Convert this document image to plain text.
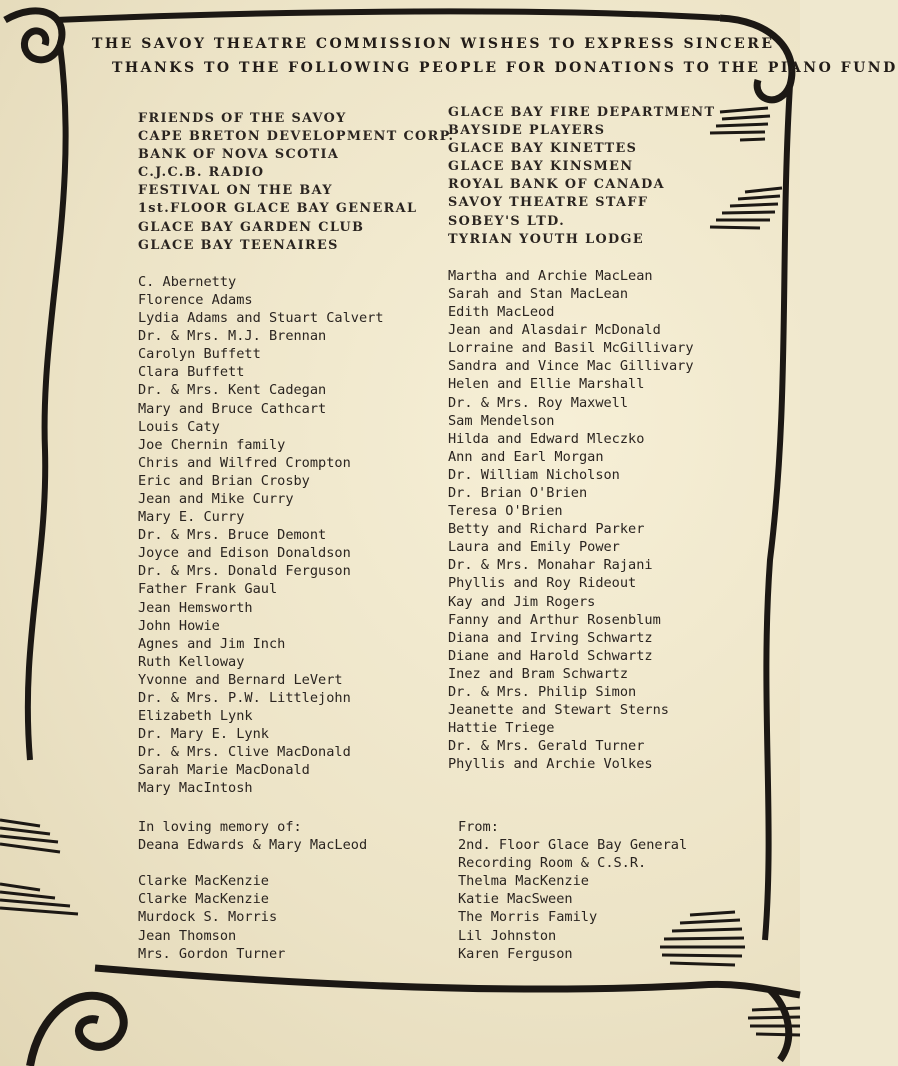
THE SAVOY THEATRE COMMISSION WISHES TO EXPRESS SINCERE
THANKS TO THE FOLLOWING PEOPLE FOR DONATIONS TO THE PIANO FUND
FRIENDS OF THE SAVOY
CAPE BRETON DEVELOPMENT CORP.
BANK OF NOVA SCOTIA
C.J.C.B. RADIO
FESTIVAL ON THE BAY
1st.FLOOR GLACE BAY GENERAL
GLACE BAY GARDEN CLUB
GLACE BAY TEENAIRES
C. Abernetty
Florence Adams
Lydia Adams and Stuart Calvert
Dr. & Mrs. M.J. Brennan
Carolyn Buffett
Clara Buffett
Dr. & Mrs. Kent Cadegan
Mary and Bruce Cathcart
Louis Caty
Joe Chernin family
Chris and Wilfred Crompton
Eric and Brian Crosby
Jean and Mike Curry
Mary E. Curry
Dr. & Mrs. Bruce Demont
Joyce and Edison Donaldson
Dr. & Mrs. Donald Ferguson
Father Frank Gaul
Jean Hemsworth
John Howie
Agnes and Jim Inch
Ruth Kelloway
Yvonne and Bernard LeVert
Dr. & Mrs. P.W. Littlejohn
Elizabeth Lynk
Dr. Mary E. Lynk
Dr. & Mrs. Clive MacDonald
Sarah Marie MacDonald
Mary MacIntosh
GLACE BAY FIRE DEPARTMENT
BAYSIDE PLAYERS
GLACE BAY KINETTES
GLACE BAY KINSMEN
ROYAL BANK OF CANADA
SAVOY THEATRE STAFF
SOBEY'S LTD.
TYRIAN YOUTH LODGE
Martha and Archie MacLean
Sarah and Stan MacLean
Edith MacLeod
Jean and Alasdair McDonald
Lorraine and Basil McGillivary
Sandra and Vince Mac Gillivary
Helen and Ellie Marshall
Dr. & Mrs. Roy Maxwell
Sam Mendelson
Hilda and Edward Mleczko
Ann and Earl Morgan
Dr. William Nicholson
Dr. Brian O'Brien
Teresa O'Brien
Betty and Richard Parker
Laura and Emily Power
Dr. & Mrs. Monahar Rajani
Phyllis and Roy Rideout
Kay and Jim Rogers
Fanny and Arthur Rosenblum
Diana and Irving Schwartz
Diane and Harold Schwartz
Inez and Bram Schwartz
Dr. & Mrs. Philip Simon
Jeanette and Stewart Sterns
Hattie Triege
Dr. & Mrs. Gerald Turner
Phyllis and Archie Volkes
In loving memory of:
Deana Edwards & Mary MacLeod
Clarke MacKenzie
Clarke MacKenzie
Murdock S. Morris
Jean Thomson
Mrs. Gordon Turner
From:
2nd. Floor Glace Bay General
Recording Room & C.S.R.
Thelma MacKenzie
Katie MacSween
The Morris Family
Lil Johnston
Karen Ferguson
